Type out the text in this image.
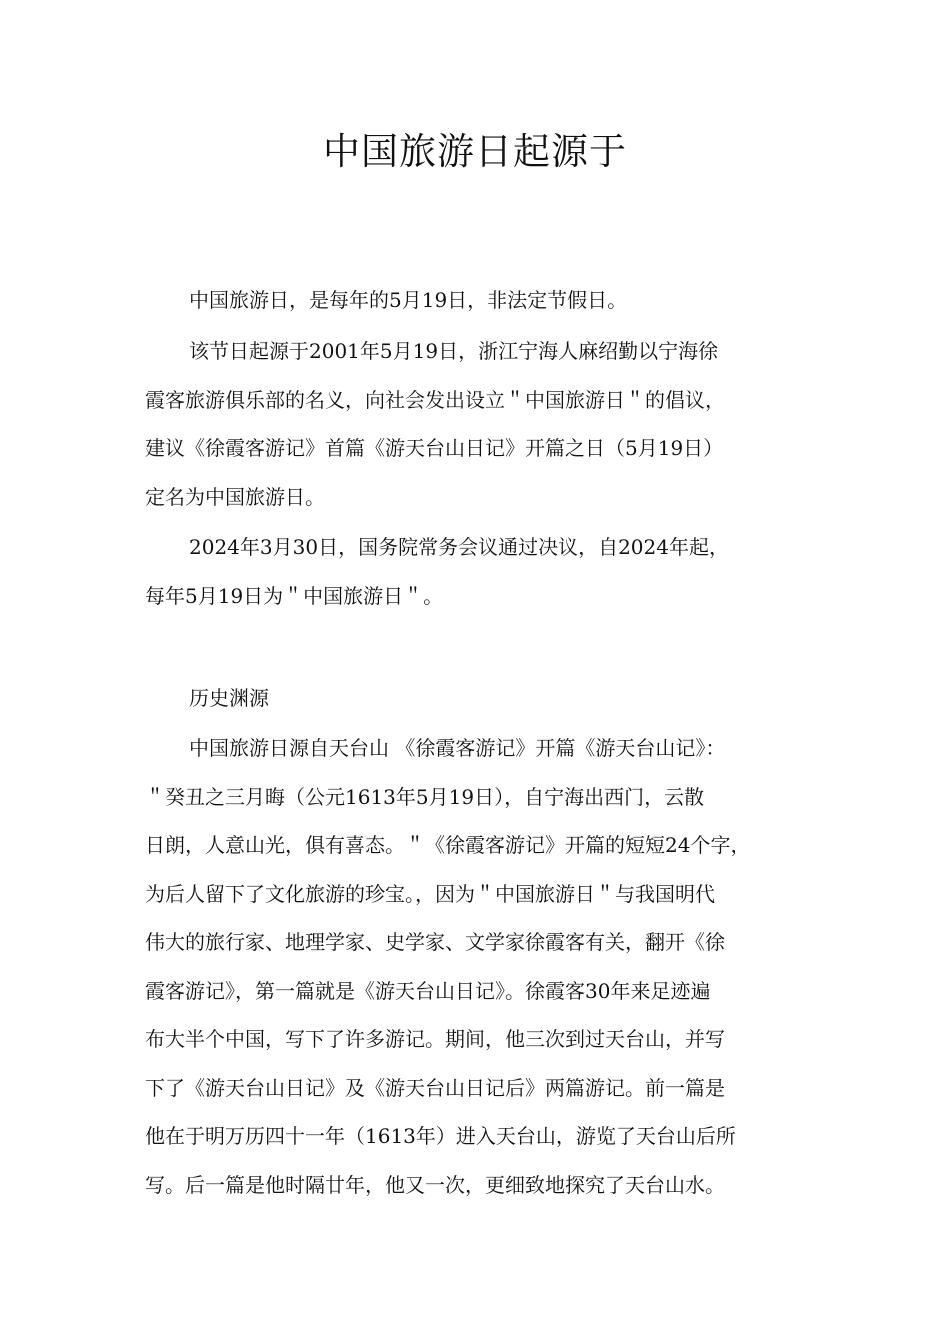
中国旅游日起源于
中国旅游日，是每年的5月19日，非法定节假日。
该节日起源于2001年5月19日，浙江宁海人麻绍勤以宁海徐
霞客旅游俱乐部的名义，向社会发出设立＂中国旅游日＂的倡议，
建议《徐霞客游记》首篇《游天台山日记》开篇之日（5月19日）
定名为中国旅游日。
2024年3月30日，国务院常务会议通过决议，自2024年起，
每年5月19日为＂中国旅游日＂。
历史渊源
中国旅游日源自天台山 《徐霞客游记》开篇《游天台山记》：
＂癸丑之三月晦（公元1613年5月19日），自宁海出西门，云散
日朗，人意山光，俱有喜态。＂《徐霞客游记》开篇的短短24个字，
为后人留下了文化旅游的珍宝。，因为＂中国旅游日＂与我国明代
伟大的旅行家、地理学家、史学家、文学家徐霞客有关，翻开《徐
霞客游记》，第一篇就是《游天台山日记》。徐霞客30年来足迹遍
布大半个中国，写下了许多游记。期间，他三次到过天台山，并写
下了《游天台山日记》及《游天台山日记后》两篇游记。前一篇是
他在于明万历四十一年（1613年）进入天台山，游览了天台山后所
写。后一篇是他时隔廿年，他又一次，更细致地探究了天台山水。
